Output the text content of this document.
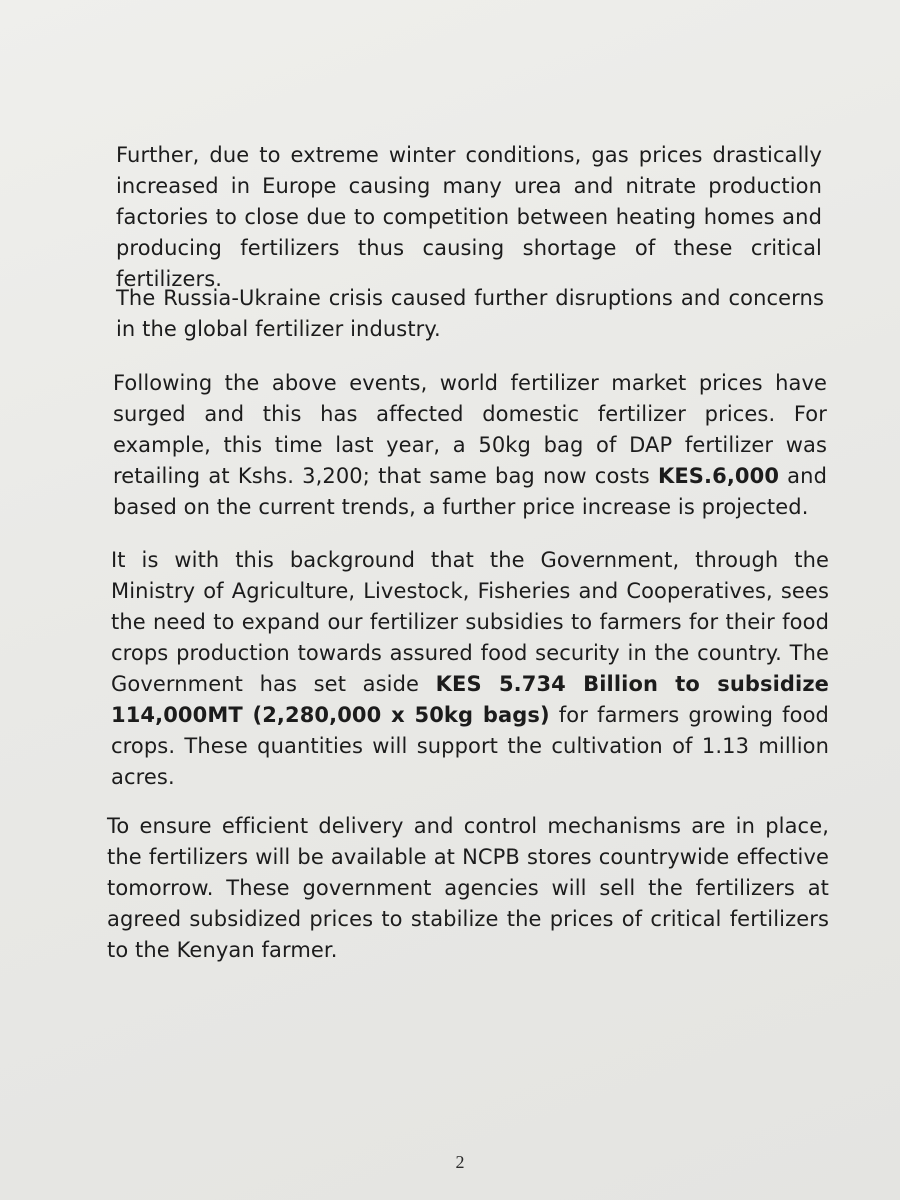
Further, due to extreme winter conditions, gas prices drastically increased in Europe causing many urea and nitrate production factories to close due to competition between heating homes and producing fertilizers thus causing shortage of these critical fertilizers.

The Russia-Ukraine crisis caused further disruptions and concerns in the global fertilizer industry.

Following the above events, world fertilizer market prices have surged and this has affected domestic fertilizer prices. For example, this time last year, a 50kg bag of DAP fertilizer was retailing at Kshs. 3,200; that same bag now costs KES.6,000 and based on the current trends, a further price increase is projected.

It is with this background that the Government, through the Ministry of Agriculture, Livestock, Fisheries and Cooperatives, sees the need to expand our fertilizer subsidies to farmers for their food crops production towards assured food security in the country. The Government has set aside KES 5.734 Billion to subsidize 114,000MT (2,280,000 x 50kg bags) for farmers growing food crops. These quantities will support the cultivation of 1.13 million acres.

To ensure efficient delivery and control mechanisms are in place, the fertilizers will be available at NCPB stores countrywide effective tomorrow. These government agencies will sell the fertilizers at agreed subsidized prices to stabilize the prices of critical fertilizers to the Kenyan farmer.

2
